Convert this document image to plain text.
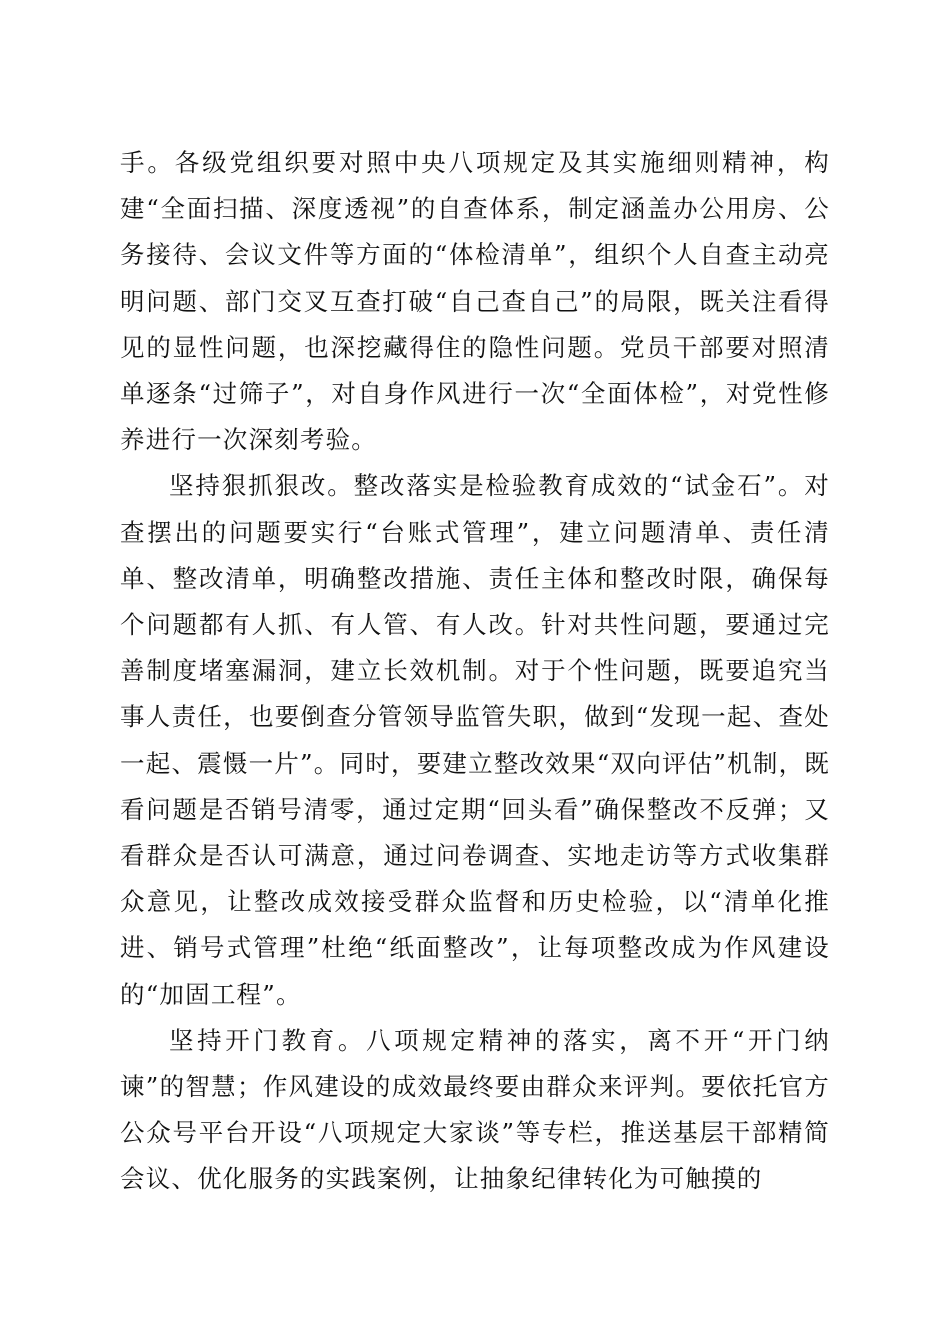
手。各级党组织要对照中央八项规定及其实施细则精神，构建“全面扫描、深度透视”的自查体系，制定涵盖办公用房、公务接待、会议文件等方面的“体检清单”，组织个人自查主动亮明问题、部门交叉互查打破“自己查自己”的局限，既关注看得见的显性问题，也深挖藏得住的隐性问题。党员干部要对照清单逐条“过筛子”，对自身作风进行一次“全面体检”，对党性修养进行一次深刻考验。

坚持狠抓狠改。整改落实是检验教育成效的“试金石”。对查摆出的问题要实行“台账式管理”，建立问题清单、责任清单、整改清单，明确整改措施、责任主体和整改时限，确保每个问题都有人抓、有人管、有人改。针对共性问题，要通过完善制度堵塞漏洞，建立长效机制。对于个性问题，既要追究当事人责任，也要倒查分管领导监管失职，做到“发现一起、查处一起、震慑一片”。同时，要建立整改效果“双向评估”机制，既看问题是否销号清零，通过定期“回头看”确保整改不反弹；又看群众是否认可满意，通过问卷调查、实地走访等方式收集群众意见，让整改成效接受群众监督和历史检验，以“清单化推进、销号式管理”杜绝“纸面整改”，让每项整改成为作风建设的“加固工程”。

坚持开门教育。八项规定精神的落实，离不开“开门纳谏”的智慧；作风建设的成效最终要由群众来评判。要依托官方公众号平台开设“八项规定大家谈”等专栏，推送基层干部精简会议、优化服务的实践案例，让抽象纪律转化为可触摸的
